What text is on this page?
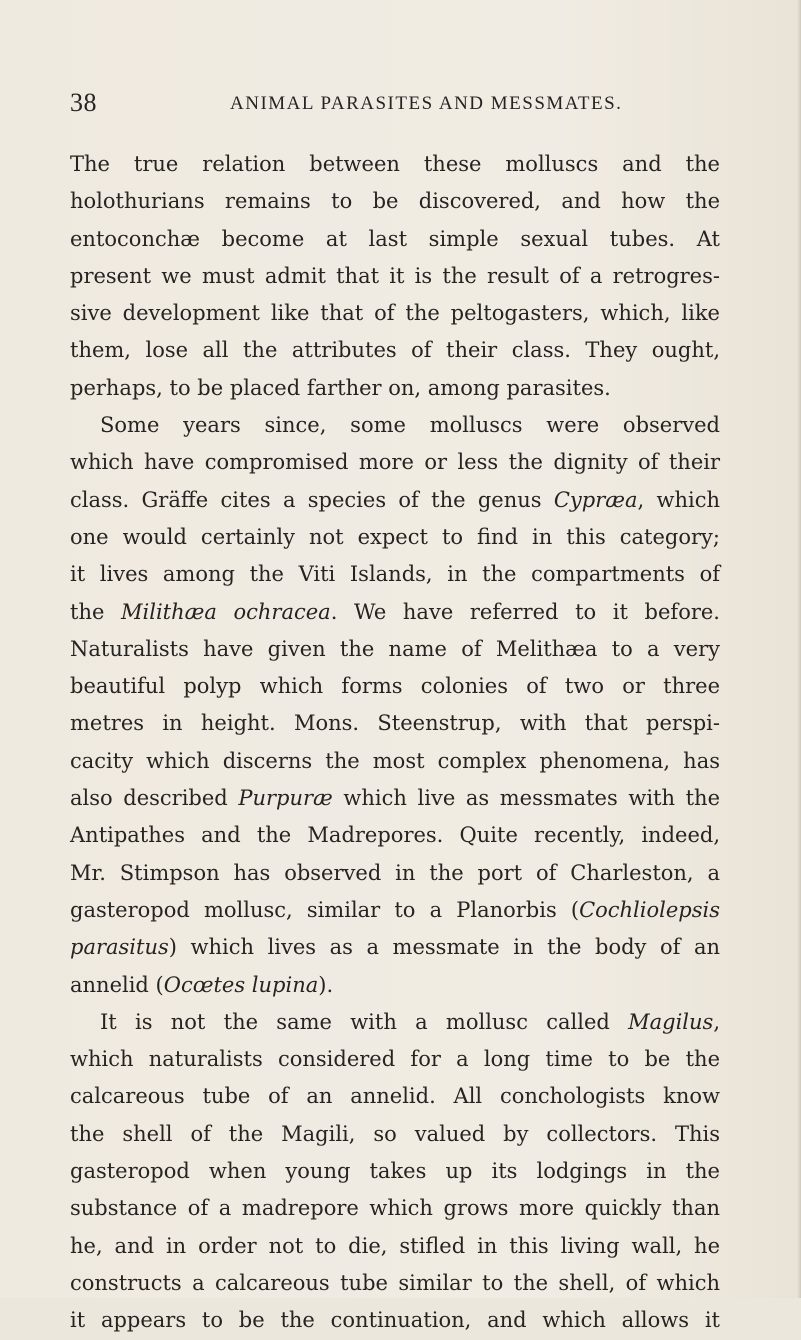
38	ANIMAL PARASITES AND MESSMATES.
The true relation between these molluscs and the
holothurians remains to be discovered, and how the
entoconchæ become at last simple sexual tubes. At
present we must admit that it is the result of a retrogres-
sive development like that of the peltogasters, which, like
them, lose all the attributes of their class. They ought,
perhaps, to be placed farther on, among parasites.
Some years since, some molluscs were observed
which have compromised more or less the dignity of their
class. Gräffe cites a species of the genus Cypræa, which
one would certainly not expect to find in this category;
it lives among the Viti Islands, in the compartments of
the Milithæa ochracea. We have referred to it before.
Naturalists have given the name of Melithæa to a very
beautiful polyp which forms colonies of two or three
metres in height. Mons. Steenstrup, with that perspi-
cacity which discerns the most complex phenomena, has
also described Purpuræ which live as messmates with the
Antipathes and the Madrepores. Quite recently, indeed,
Mr. Stimpson has observed in the port of Charleston, a
gasteropod mollusc, similar to a Planorbis (Cochliolepsis
parasitus) which lives as a messmate in the body of an
annelid (Ocœtes lupina).
It is not the same with a mollusc called Magilus,
which naturalists considered for a long time to be the
calcareous tube of an annelid. All conchologists know
the shell of the Magili, so valued by collectors. This
gasteropod when young takes up its lodgings in the
substance of a madrepore which grows more quickly than
he, and in order not to die, stifled in this living wall, he
constructs a calcareous tube similar to the shell, of which
it appears to be the continuation, and which allows it
